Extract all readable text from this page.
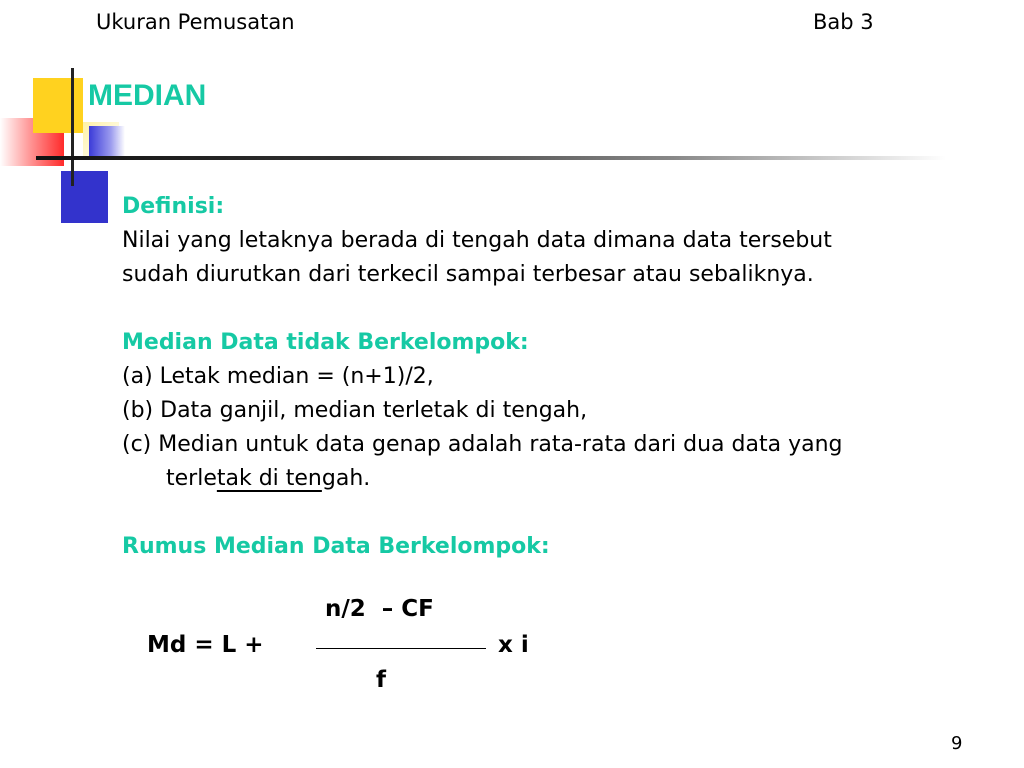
Ukuran Pemusatan	Bab 3
MEDIAN

Definisi:

Nilai yang letaknya berada di tengah data dimana data tersebut

sudah diurutkan dari terkecil sampai terbesar atau sebaliknya.

Median Data tidak Berkelompok:

(a) Letak median = (n+1)/2,

(b) Data ganjil, median terletak di tengah,

(c) Median untuk data genap adalah rata-rata dari dua data yang

terletak di tengah.

Rumus Median Data Berkelompok:

n/2  – CF
Md = L +	x i
f
9
